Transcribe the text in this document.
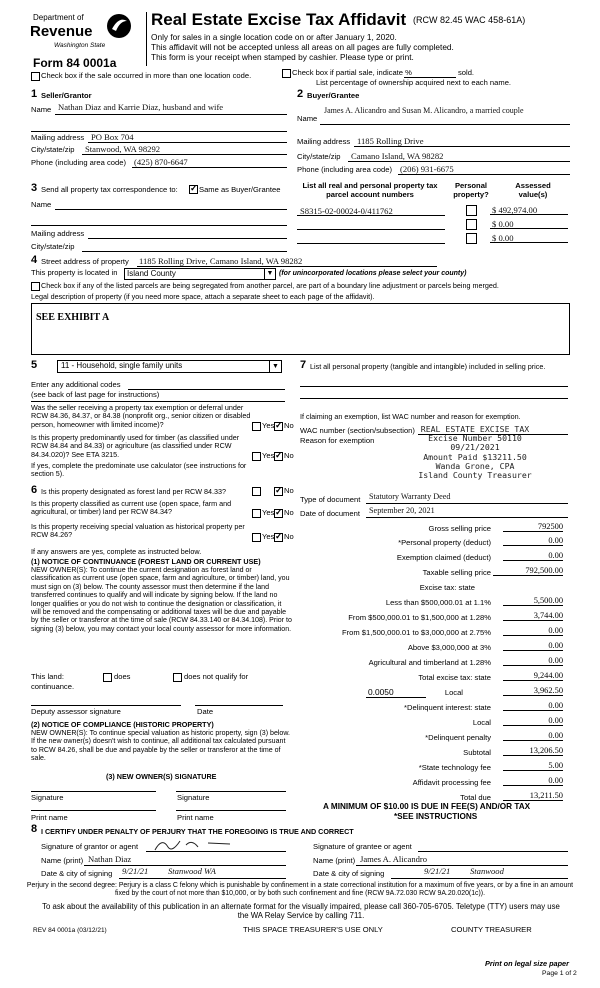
Department of
Revenue
Washington State
Form 84 0001a
Real Estate Excise Tax Affidavit (RCW 82.45 WAC 458-61A)
Only for sales in a single location code on or after January 1, 2020.
This affidavit will not be accepted unless all areas on all pages are fully completed.
This form is your receipt when stamped by cashier. Please type or print.
Check box if the sale occurred in more than one location code.	Check box if partial sale, indicate %	sold.
List percentage of ownership acquired next to each name.
1 Seller/Grantor
Name Nathan Diaz and Karrie Diaz, husband and wife
Mailing address PO Box 704
City/state/zip Stanwood, WA 98292
Phone (including area code) (425) 870-6647
2 Buyer/Grantee
James A. Alicandro and Susan M. Alicandro, a married couple
Name
Mailing address 1185 Rolling Drive
City/state/zip Camano Island, WA 98282
Phone (including area code) (206) 931-6675
3 Send all property tax correspondence to: ✓	Same as Buyer/Grantee
Name
Mailing address
City/state/zip
List all real and personal property tax parcel account numbers
Personal property?
Assessed value(s)
S8315-02-00024-0/411762	$ 492,974.00
$ 0.00
$ 0.00
4 Street address of property 1185 Rolling Drive, Camano Island, WA 98282
This property is located in Island County	▼ (for unincorporated locations please select your county)
Check box if any of the listed parcels are being segregated from another parcel, are part of a boundary line adjustment or parcels being merged.
Legal description of property (if you need more space, attach a separate sheet to each page of the affidavit).
SEE EXHIBIT A
5	11 - Household, single family units	▼
Enter any additional codes
(see back of last page for instructions)
Was the seller receiving a property tax exemption or deferral under RCW 84.36, 84.37, or 84.38 (nonprofit org., senior citizen or disabled person, homeowner with limited income)?	Yes ✓ No
Is this property predominantly used for timber (as classified under RCW 84.84 and 84.33) or agriculture (as classified under RCW 84.34.020)? See ETA 3215.	Yes ✓ No
If yes, complete the predominate use calculator (see instructions for section 5).
6 Is this property designated as forest land per RCW 84.33? ✓	No
Is this property classified as current use (open space, farm and agricultural, or timber) land per RCW 84.34?	Yes ✓ No
Is this property receiving special valuation as historical property per RCW 84.26?	Yes ✓ No
If any answers are yes, complete as instructed below.
(1) NOTICE OF CONTINUANCE (FOREST LAND OR CURRENT USE)
NEW OWNER(S): To continue the current designation as forest land or classification as current use (open space, farm and agriculture, or timber) land, you must sign on (3) below. The county assessor must then determine if the land transferred continues to qualify and will indicate by signing below. If the land no longer qualifies or you do not wish to continue the designation or classification, it will be removed and the compensating or additional taxes will be due and payable by the seller or transferor at the time of sale (RCW 84.33.140 or 84.34.108). Prior to signing (3) below, you may contact your local county assessor for more information.
This land:	does	does not qualify for
continuance.
Deputy assessor signature	Date
(2) NOTICE OF COMPLIANCE (HISTORIC PROPERTY)
NEW OWNER(S): To continue special valuation as historic property, sign (3) below. If the new owner(s) doesn't wish to continue, all additional tax calculated pursuant to RCW 84.26, shall be due and payable by the seller or transferor at the time of sale.
(3) NEW OWNER(S) SIGNATURE
Signature	Signature
Print name	Print name
7 List all personal property (tangible and intangible) included in selling price.
If claiming an exemption, list WAC number and reason for exemption.
WAC number (section/subsection)
Reason for exemption
REAL ESTATE EXCISE TAX
Excise Number 50110
09/21/2021
Amount Paid $13211.50
Wanda Grone, CPA
Island County Treasurer
Type of document Statutory Warranty Deed
Date of document September 20, 2021
Gross selling price	792500
*Personal property (deduct)	0.00
Exemption claimed (deduct)	0.00
Taxable selling price	792,500.00
Excise tax: state
Less than $500,000.01 at 1.1%	5,500.00
From $500,000.01 to $1,500,000 at 1.28%	3,744.00
From $1,500,000.01 to $3,000,000 at 2.75%	0.00
Above $3,000,000 at 3%	0.00
Agricultural and timberland at 1.28%	0.00
Total excise tax: state	9,244.00
0.0050	Local	3,962.50
*Delinquent interest: state	0.00
Local	0.00
*Delinquent penalty	0.00
Subtotal	13,206.50
*State technology fee	5.00
Affidavit processing fee	0.00
Total due	13,211.50
A MINIMUM OF $10.00 IS DUE IN FEE(S) AND/OR TAX
*SEE INSTRUCTIONS
8 I CERTIFY UNDER PENALTY OF PERJURY THAT THE FOREGOING IS TRUE AND CORRECT
Signature of grantor or agent
Name (print) Nathan Diaz
Date & city of signing 9/21/21 Stanwood WA
Signature of grantee or agent
Name (print) James A. Alicandro
Date & city of signing	9/21/21 Stanwood
Perjury in the second degree: Perjury is a class C felony which is punishable by confinement in a state correctional institution for a maximum of five years, or by a fine in an amount fixed by the court of not more than $10,000, or by both such confinement and fine (RCW 9A.72.030 RCW 9A.20.020(1c)).
To ask about the availability of this publication in an alternate format for the visually impaired, please call 360-705-6705. Teletype (TTY) users may use the WA Relay Service by calling 711.
REV 84 0001a (03/12/21)	THIS SPACE TREASURER'S USE ONLY	COUNTY TREASURER
Print on legal size paper
Page 1 of 2
